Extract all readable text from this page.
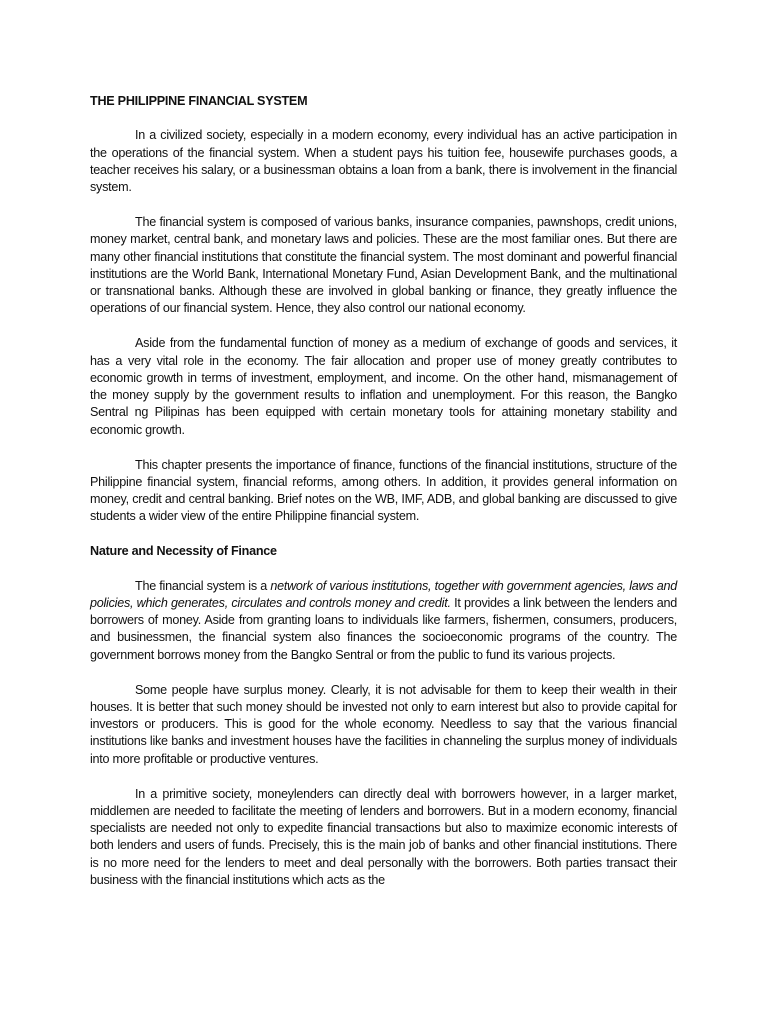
THE PHILIPPINE FINANCIAL SYSTEM

In a civilized society, especially in a modern economy, every individual has an active participation in the operations of the financial system. When a student pays his tuition fee, housewife purchases goods, a teacher receives his salary, or a businessman obtains a loan from a bank, there is involvement in the financial system.

The financial system is composed of various banks, insurance companies, pawnshops, credit unions, money market, central bank, and monetary laws and policies. These are the most familiar ones. But there are many other financial institutions that constitute the financial system. The most dominant and powerful financial institutions are the World Bank, International Monetary Fund, Asian Development Bank, and the multinational or transnational banks. Although these are involved in global banking or finance, they greatly influence the operations of our financial system. Hence, they also control our national economy.

Aside from the fundamental function of money as a medium of exchange of goods and services, it has a very vital role in the economy. The fair allocation and proper use of money greatly contributes to economic growth in terms of investment, employment, and income. On the other hand, mismanagement of the money supply by the government results to inflation and unemployment. For this reason, the Bangko Sentral ng Pilipinas has been equipped with certain monetary tools for attaining monetary stability and economic growth.

This chapter presents the importance of finance, functions of the financial institutions, structure of the Philippine financial system, financial reforms, among others. In addition, it provides general information on money, credit and central banking. Brief notes on the WB, IMF, ADB, and global banking are discussed to give students a wider view of the entire Philippine financial system.

Nature and Necessity of Finance

The financial system is a network of various institutions, together with government agencies, laws and policies, which generates, circulates and controls money and credit. It provides a link between the lenders and borrowers of money. Aside from granting loans to individuals like farmers, fishermen, consumers, producers, and businessmen, the financial system also finances the socioeconomic programs of the country. The government borrows money from the Bangko Sentral or from the public to fund its various projects.

Some people have surplus money. Clearly, it is not advisable for them to keep their wealth in their houses. It is better that such money should be invested not only to earn interest but also to provide capital for investors or producers. This is good for the whole economy. Needless to say that the various financial institutions like banks and investment houses have the facilities in channeling the surplus money of individuals into more profitable or productive ventures.

In a primitive society, moneylenders can directly deal with borrowers however, in a larger market, middlemen are needed to facilitate the meeting of lenders and borrowers. But in a modern economy, financial specialists are needed not only to expedite financial transactions but also to maximize economic interests of both lenders and users of funds. Precisely, this is the main job of banks and other financial institutions. There is no more need for the lenders to meet and deal personally with the borrowers. Both parties transact their business with the financial institutions which acts as the
